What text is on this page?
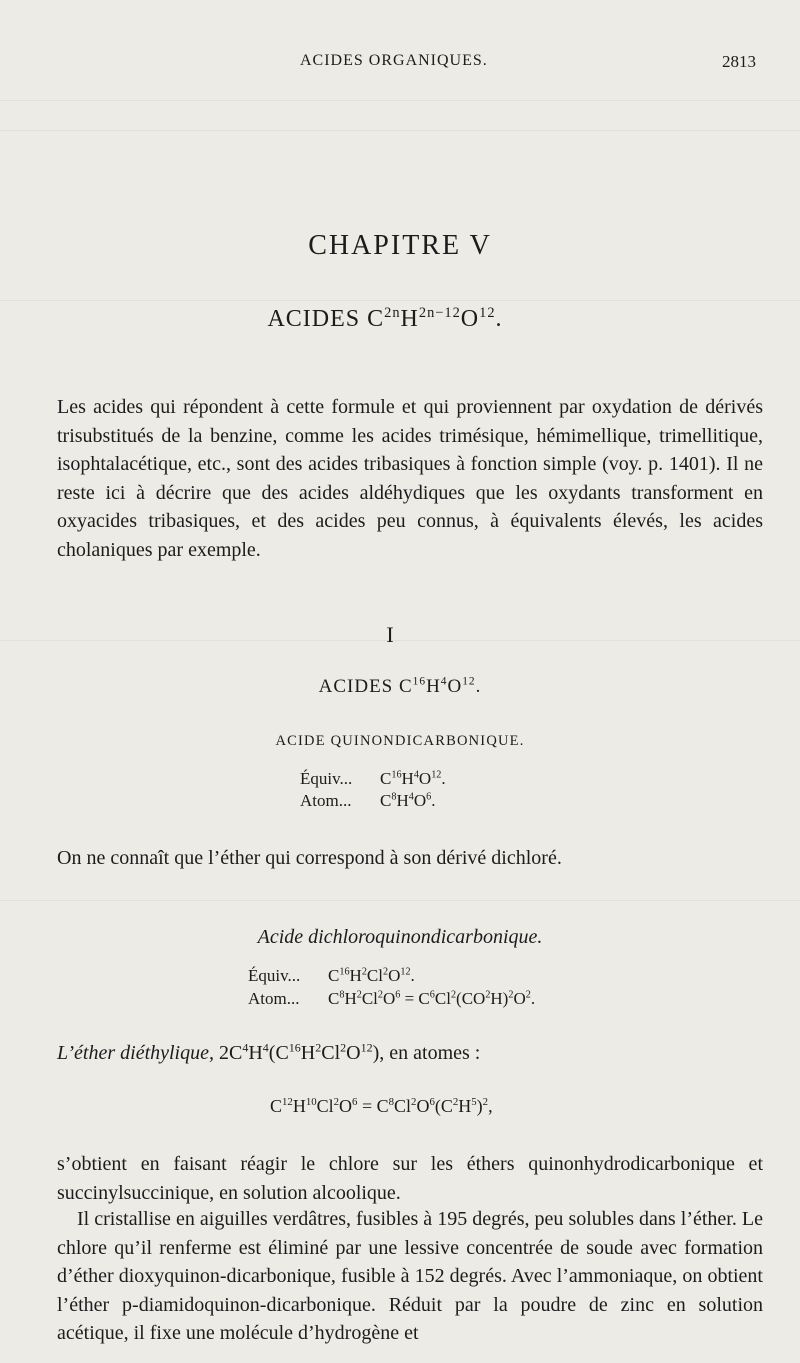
ACIDES ORGANIQUES.	2813
CHAPITRE V
ACIDES $C^{2n}H^{2n-12}O^{12}$.

Les acides qui répondent à cette formule et qui proviennent par oxydation de dérivés trisubstitués de la benzine, comme les acides trimésique, hémimellique, trimellitique, isophtalacétique, etc., sont des acides tribasiques à fonction simple (voy. p. 1401). Il ne reste ici à décrire que des acides aldéhydiques que les oxydants transforment en oxyacides tribasiques, et des acides peu connus, à équivalents élevés, les acides cholaniques par exemple.

I
ACIDES $C^{16}H^4O^{12}$.
ACIDE QUINONDICARBONIQUE.
Équiv... $C^{16}H^4O^{12}$.
Atom... $C^8H^4O^6$.

On ne connaît que l’éther qui correspond à son dérivé dichloré.

Acide dichloroquinondicarbonique.
Équiv... $C^{16}H^2Cl^2O^{12}$.
Atom... $C^8H^2Cl^2O^6 = C^6Cl^2(CO^2H)^2O^2$.
L’éther diéthylique, $2C^4H^4(C^{16}H^2Cl^2O^{12})$, en atomes :
$C^{12}H^{10}Cl^2O^6 = C^8Cl^2O^6(C^2H^5)^2$,

s’obtient en faisant réagir le chlore sur les éthers quinonhydrodicarbonique et succinylsuccinique, en solution alcoolique.

Il cristallise en aiguilles verdâtres, fusibles à 195 degrés, peu solubles dans l’éther. Le chlore qu’il renferme est éliminé par une lessive concentrée de soude avec formation d’éther dioxyquinon-dicarbonique, fusible à 152 degrés. Avec l’ammoniaque, on obtient l’éther p-diamidoquinon-dicarbonique. Réduit par la poudre de zinc en solution acétique, il fixe une molécule d’hydrogène et
